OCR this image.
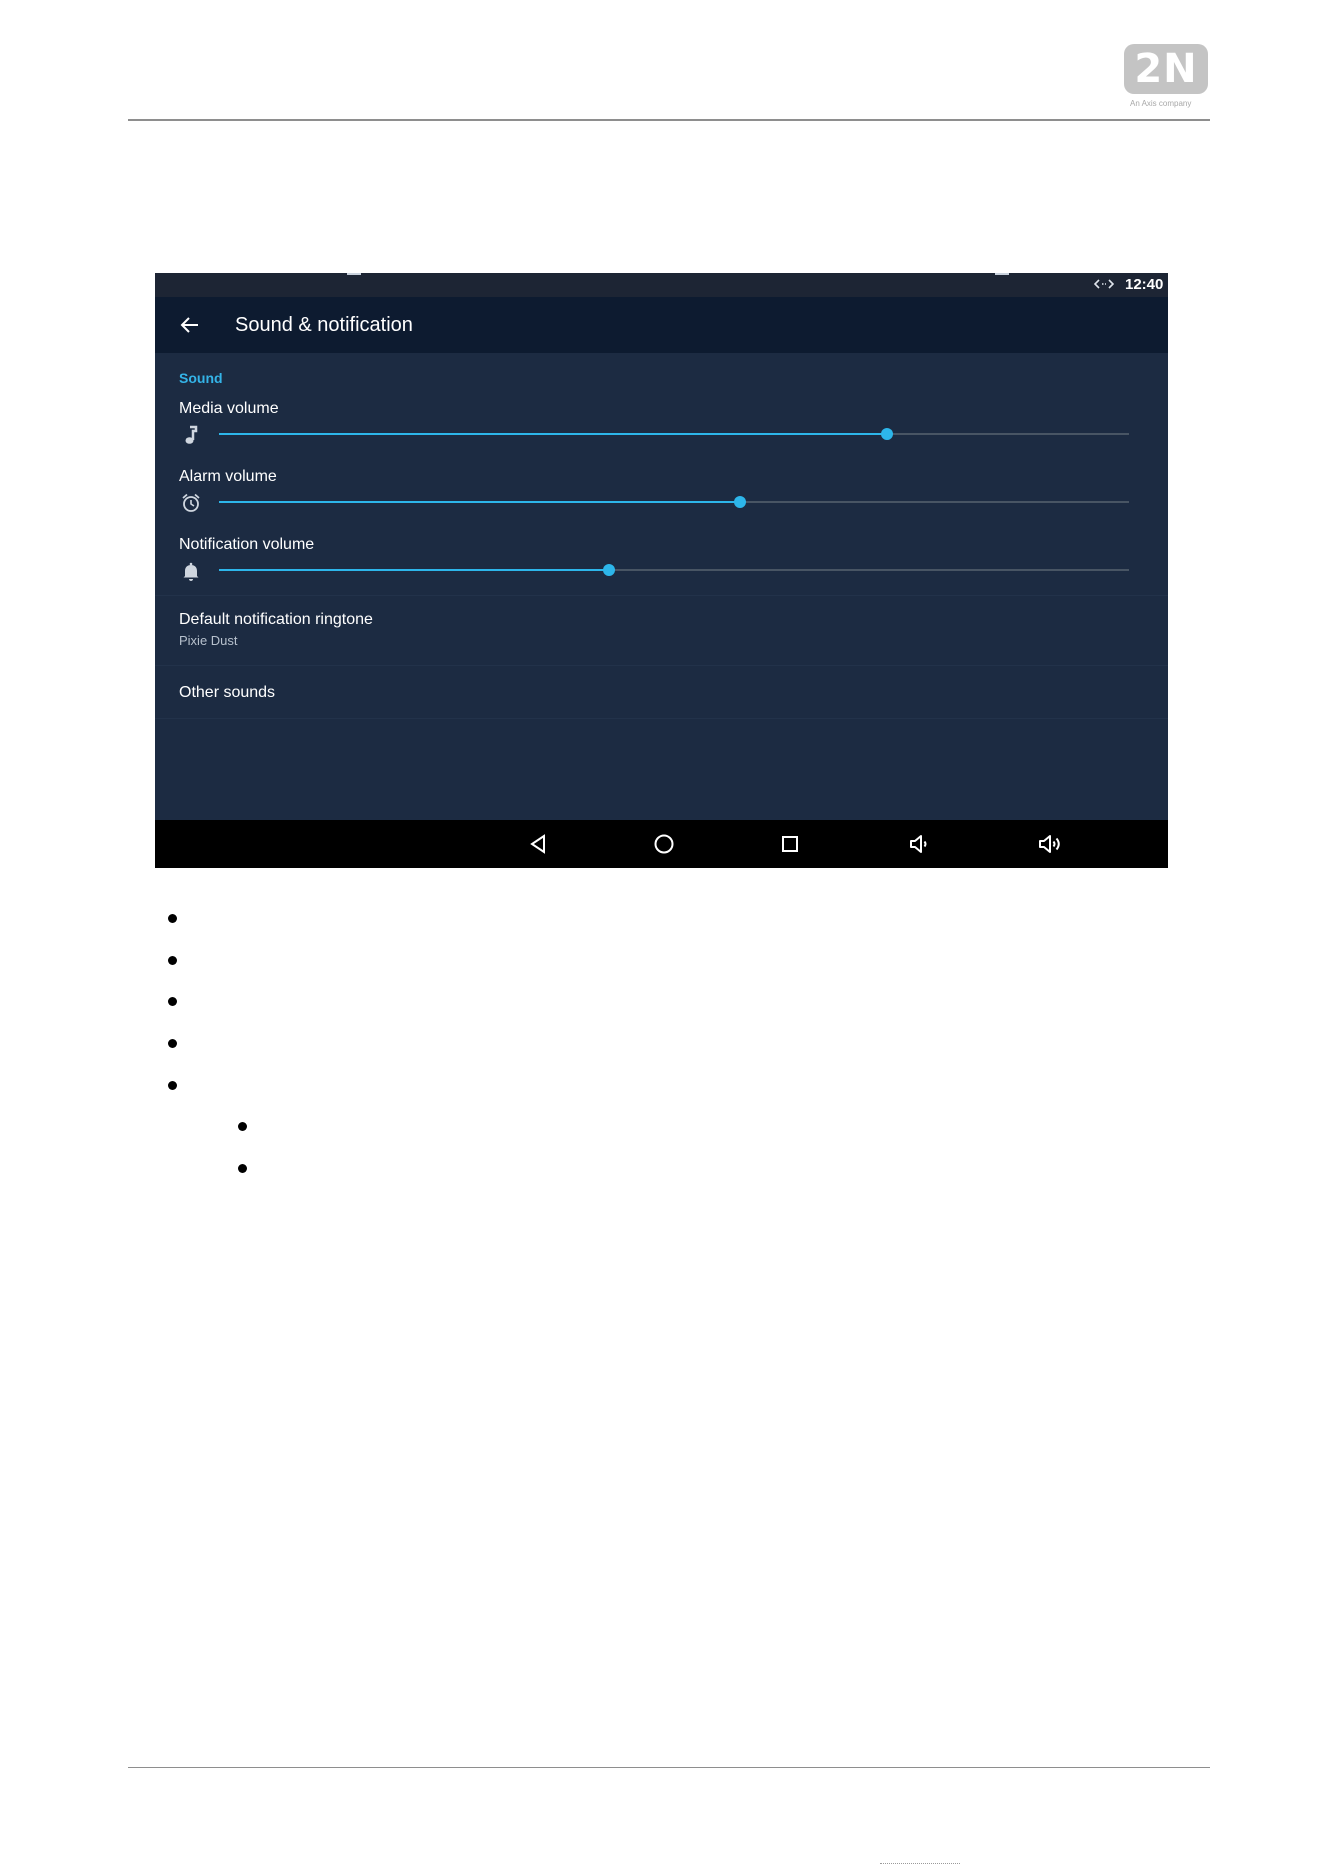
2N
An Axis company
12:40
Sound & notification
Sound
Media volume
Alarm volume
Notification volume
Default notification ringtone
Pixie Dust
Other sounds
